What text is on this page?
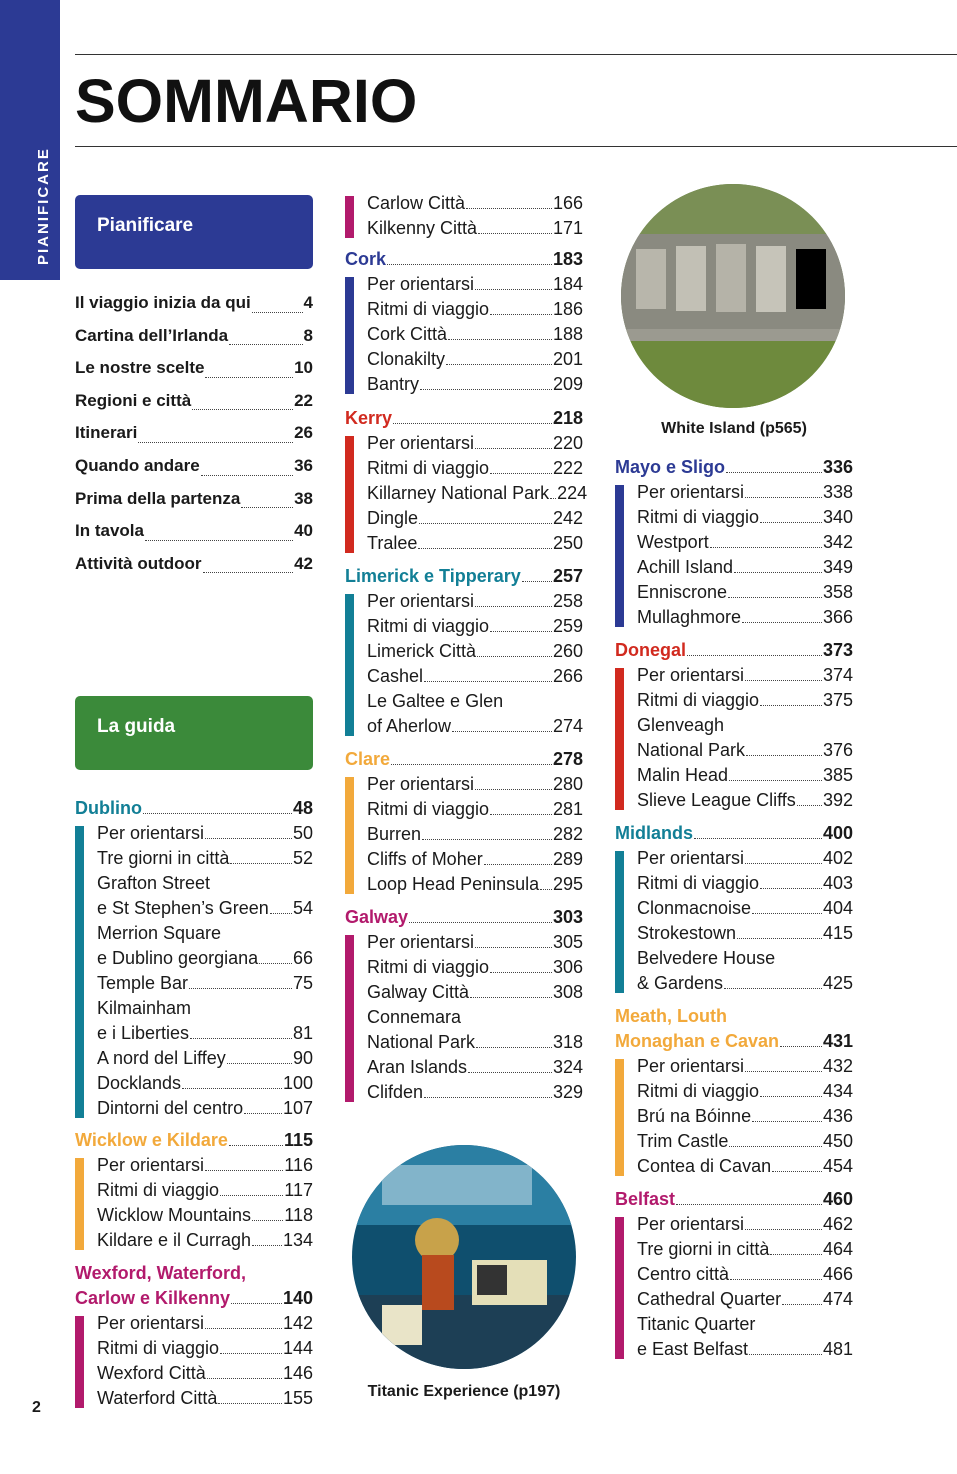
PIANIFICARE
SOMMARIO
Pianificare
Il viaggio inizia da qui	4
Cartina dell’Irlanda	8
Le nostre scelte	10
Regioni e città	22
Itinerari	26
Quando andare	36
Prima della partenza	38
In tavola	40
Attività outdoor	42
La guida
Dublino	48
Per orientarsi	50
Tre giorni in città	52
Grafton Street
e St Stephen’s Green 54
Merrion Square
e Dublino georgiana 66
Temple Bar	75
Kilmainham
e i Liberties	81
A nord del Liffey	90
Docklands	100
Dintorni del centro 107
Wicklow e Kildare	115
Per orientarsi	116
Ritmi di viaggio	117
Wicklow Mountains 118
Kildare e il Curragh 134
Wexford, Waterford,
Carlow e Kilkenny	140
Per orientarsi	142
Ritmi di viaggio	144
Wexford Città	146
Waterford Città	155
Carlow Città	166
Kilkenny Città	171
Cork	183
Per orientarsi	184
Ritmi di viaggio	186
Cork Città	188
Clonakilty	201
Bantry	209
Kerry	218
Per orientarsi	220
Ritmi di viaggio	222
Killarney National Park 224
Dingle	242
Tralee	250
Limerick e Tipperary 257
Per orientarsi	258
Ritmi di viaggio	259
Limerick Città	260
Cashel	266
Le Galtee e Glen
of Aherlow	274
Clare	278
Per orientarsi	280
Ritmi di viaggio	281
Burren	282
Cliffs of Moher	289
Loop Head Peninsula 295
Galway	303
Per orientarsi	305
Ritmi di viaggio	306
Galway Città	308
Connemara
National Park	318
Aran Islands	324
Clifden	329
Titanic Experience (p197)
White Island (p565)
Mayo e Sligo	336
Per orientarsi	338
Ritmi di viaggio	340
Westport	342
Achill Island	349
Enniscrone	358
Mullaghmore	366
Donegal	373
Per orientarsi	374
Ritmi di viaggio	375
Glenveagh
National Park	376
Malin Head	385
Slieve League Cliffs 392
Midlands	400
Per orientarsi	402
Ritmi di viaggio	403
Clonmacnoise	404
Strokestown	415
Belvedere House
& Gardens	425
Meath, Louth
Monaghan e Cavan 431
Per orientarsi	432
Ritmi di viaggio	434
Brú na Bóinne	436
Trim Castle	450
Contea di Cavan	454
Belfast	460
Per orientarsi	462
Tre giorni in città	464
Centro città	466
Cathedral Quarter 474
Titanic Quarter
e East Belfast	481
2
